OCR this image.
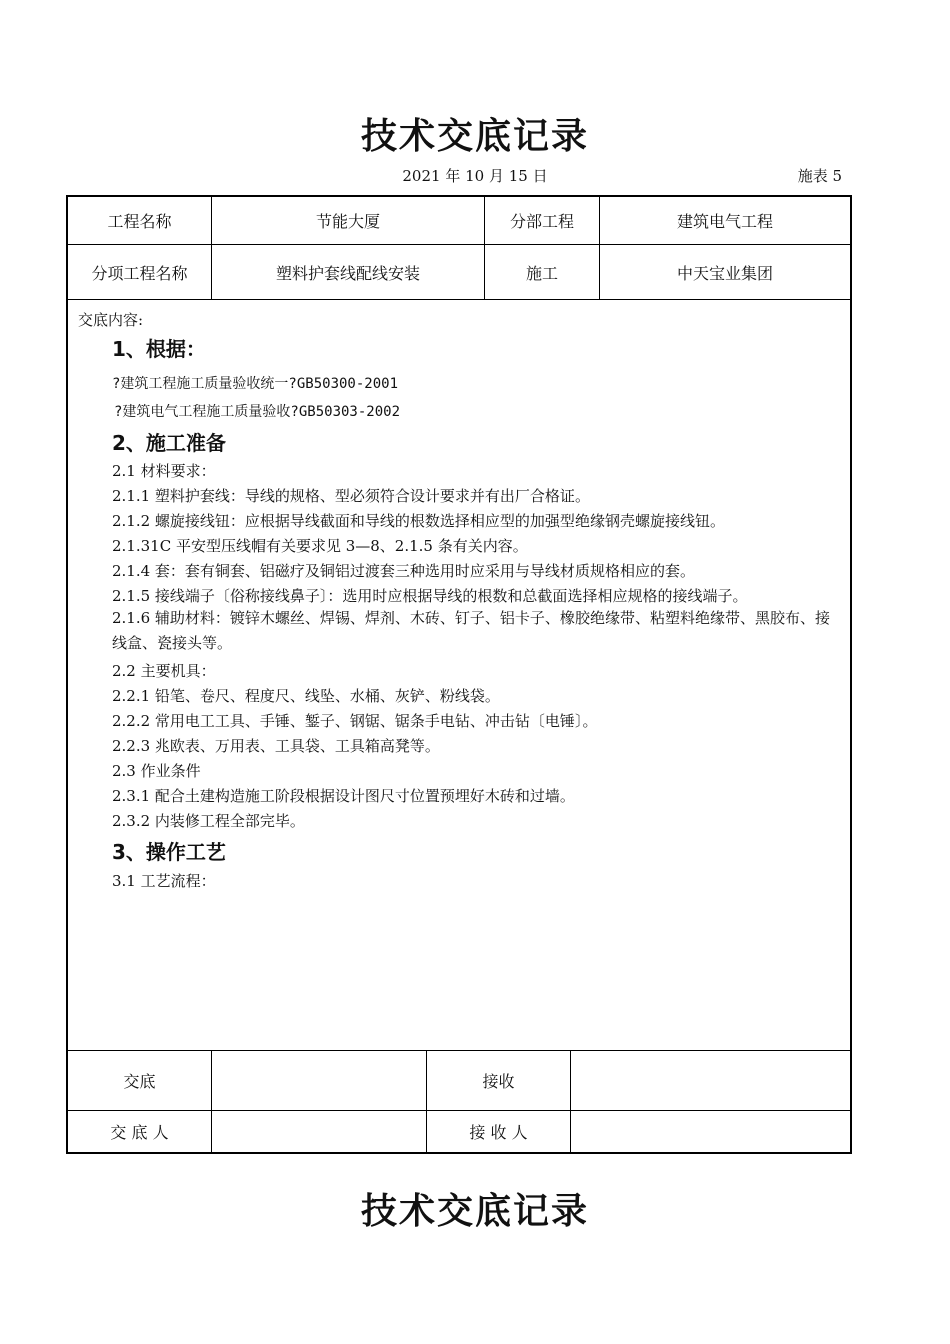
技术交底记录
2021 年 10 月 15 日	施表 5
工程名称	节能大厦	分部工程	建筑电气工程
分项工程名称	塑料护套线配线安装	施工	中天宝业集团
交底内容:
1、根据：
?建筑工程施工质量验收统一?GB50300-2001
?建筑电气工程施工质量验收?GB50303-2002
2、施工准备
2.1 材料要求：
2.1.1 塑料护套线：导线的规格、型必须符合设计要求并有出厂合格证。
2.1.2 螺旋接线钮：应根据导线截面和导线的根数选择相应型的加强型绝缘钢壳螺旋接线钮。
2.1.31C 平安型压线帽有关要求见 3—8、2.1.5 条有关内容。
2.1.4 套：套有铜套、铝磁疗及铜铝过渡套三种选用时应采用与导线材质规格相应的套。
2.1.5 接线端子〔俗称接线鼻子〕：选用时应根据导线的根数和总截面选择相应规格的接线端子。
2.1.6 辅助材料：镀锌木螺丝、焊锡、焊剂、木砖、钉子、铝卡子、橡胶绝缘带、粘塑料绝缘带、黑胶布、接线盒、瓷接头等。
2.2 主要机具：
2.2.1 铅笔、卷尺、程度尺、线坠、水桶、灰铲、粉线袋。
2.2.2 常用电工工具、手锤、錾子、钢锯、锯条手电钻、冲击钻〔电锤〕。
2.2.3 兆欧表、万用表、工具袋、工具箱高凳等。
2.3 作业条件
2.3.1 配合土建构造施工阶段根据设计图尺寸位置预埋好木砖和过墙。
2.3.2 内装修工程全部完毕。
3、操作工艺
3.1 工艺流程：
交底	接收
交 底 人	接 收 人
技术交底记录
